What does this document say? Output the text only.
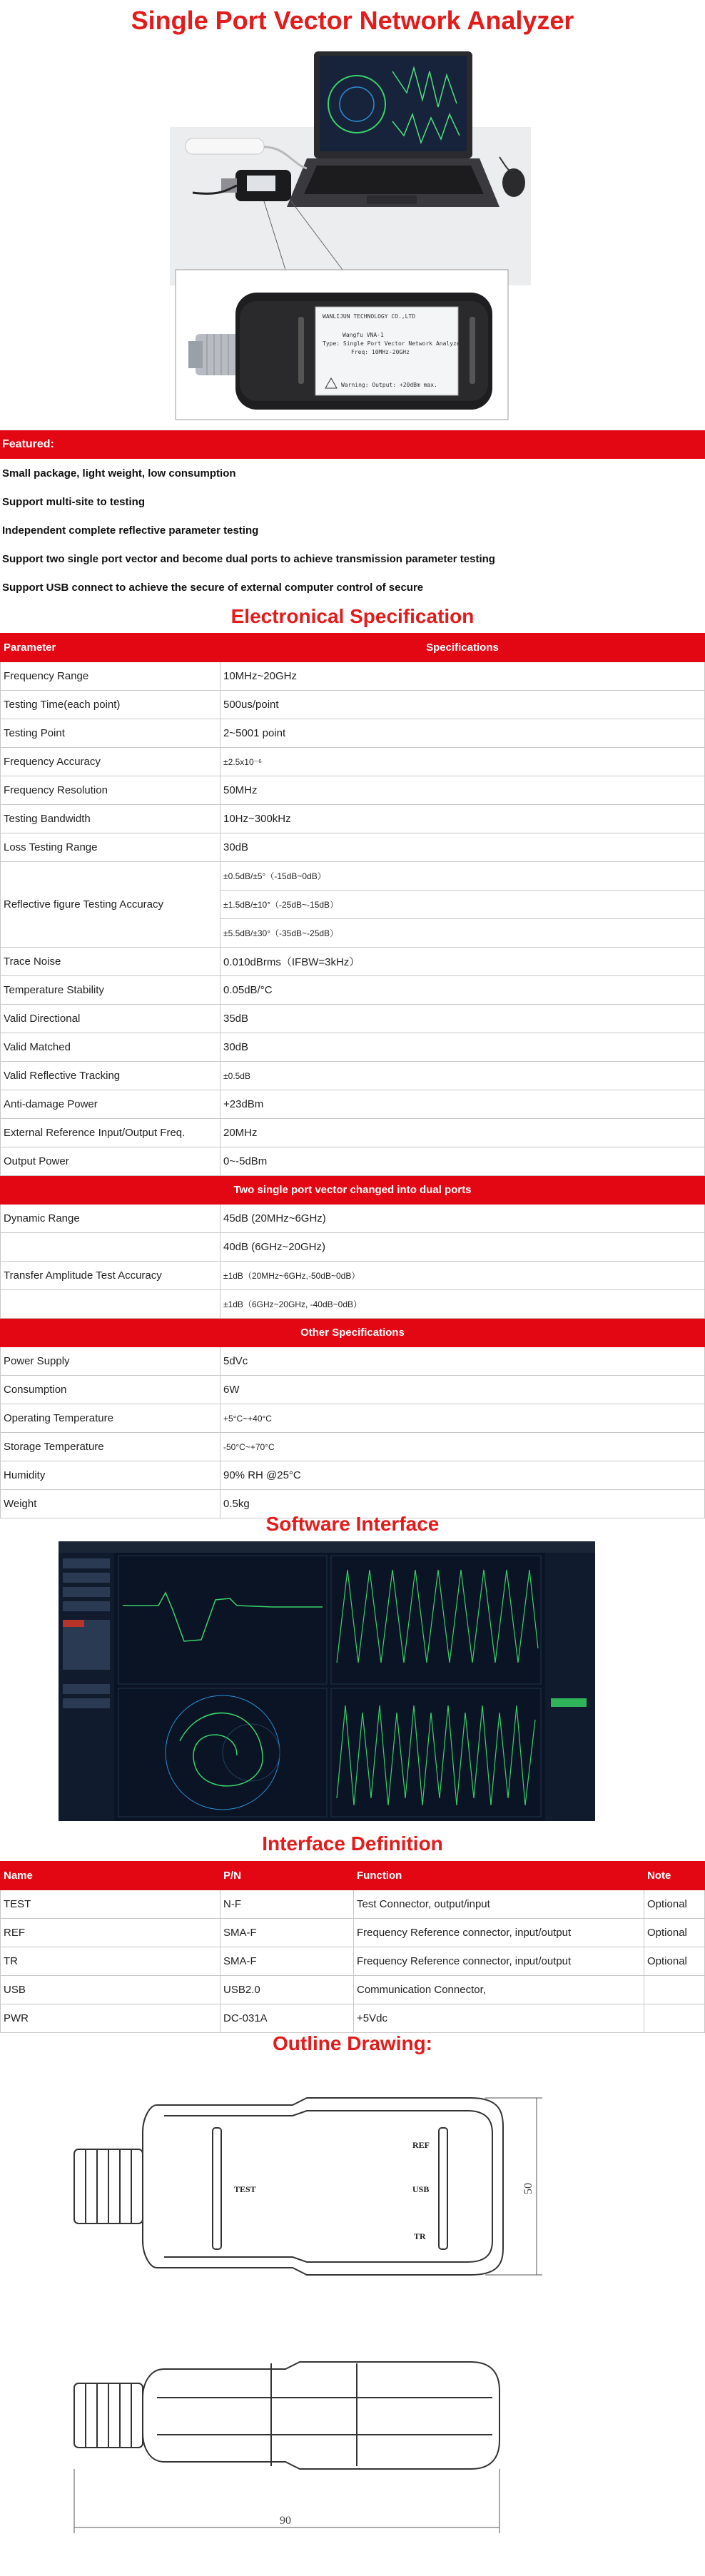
Single Port Vector Network Analyzer
WANLIJUN TECHNOLOGY CO.,LTD
Wangfu VNA-1
Type: Single Port Vector Network Analyzer
Freq: 10MHz-20GHz
Warning: Output: +20dBm max.
Featured:
Small package, light weight, low consumption
Support multi-site to testing
Independent complete reflective parameter testing
Support two single port vector and become dual ports to achieve transmission parameter testing
Support USB connect to achieve the secure of external computer control of secure
Electronical Specification
Parameter	Specifications
Frequency Range	10MHz~20GHz
Testing Time(each point)	500us/point
Testing Point	2~5001 point
Frequency Accuracy	±2.5x10⁻⁶
Frequency Resolution	50MHz
Testing Bandwidth	10Hz~300kHz
Loss Testing Range	30dB
Reflective figure Testing Accuracy	±0.5dB/±5°（-15dB~0dB）
	±1.5dB/±10°（-25dB~-15dB）
	±5.5dB/±30°（-35dB~-25dB）
Trace Noise	0.010dBrms（IFBW=3kHz）
Temperature Stability	0.05dB/°C
Valid Directional	35dB
Valid Matched	30dB
Valid Reflective Tracking	±0.5dB
Anti-damage Power	+23dBm
External Reference Input/Output Freq.	20MHz
Output Power	0~-5dBm
Two single port vector changed into dual ports	
Dynamic Range	45dB (20MHz~6GHz)
	40dB (6GHz~20GHz)
Transfer Amplitude Test Accuracy	±1dB（20MHz~6GHz,-50dB~0dB）
	±1dB（6GHz~20GHz, -40dB~0dB）
Other Specifications	
Power Supply	5dVc
Consumption	6W
Operating Temperature	+5°C~+40°C
Storage Temperature	-50°C~+70°C
Humidity	90% RH @25°C
Weight	0.5kg
Software Interface
Interface Definition
Name	P/N	Function	Note
TEST	N-F	Test Connector, output/input	Optional
REF	SMA-F	Frequency Reference connector, input/output	Optional
TR	SMA-F	Frequency Reference connector, input/output	Optional
USB	USB2.0	Communication Connector,	
PWR	DC-031A	+5Vdc	
Outline Drawing:
TEST
REF
USB
TR
50
90
